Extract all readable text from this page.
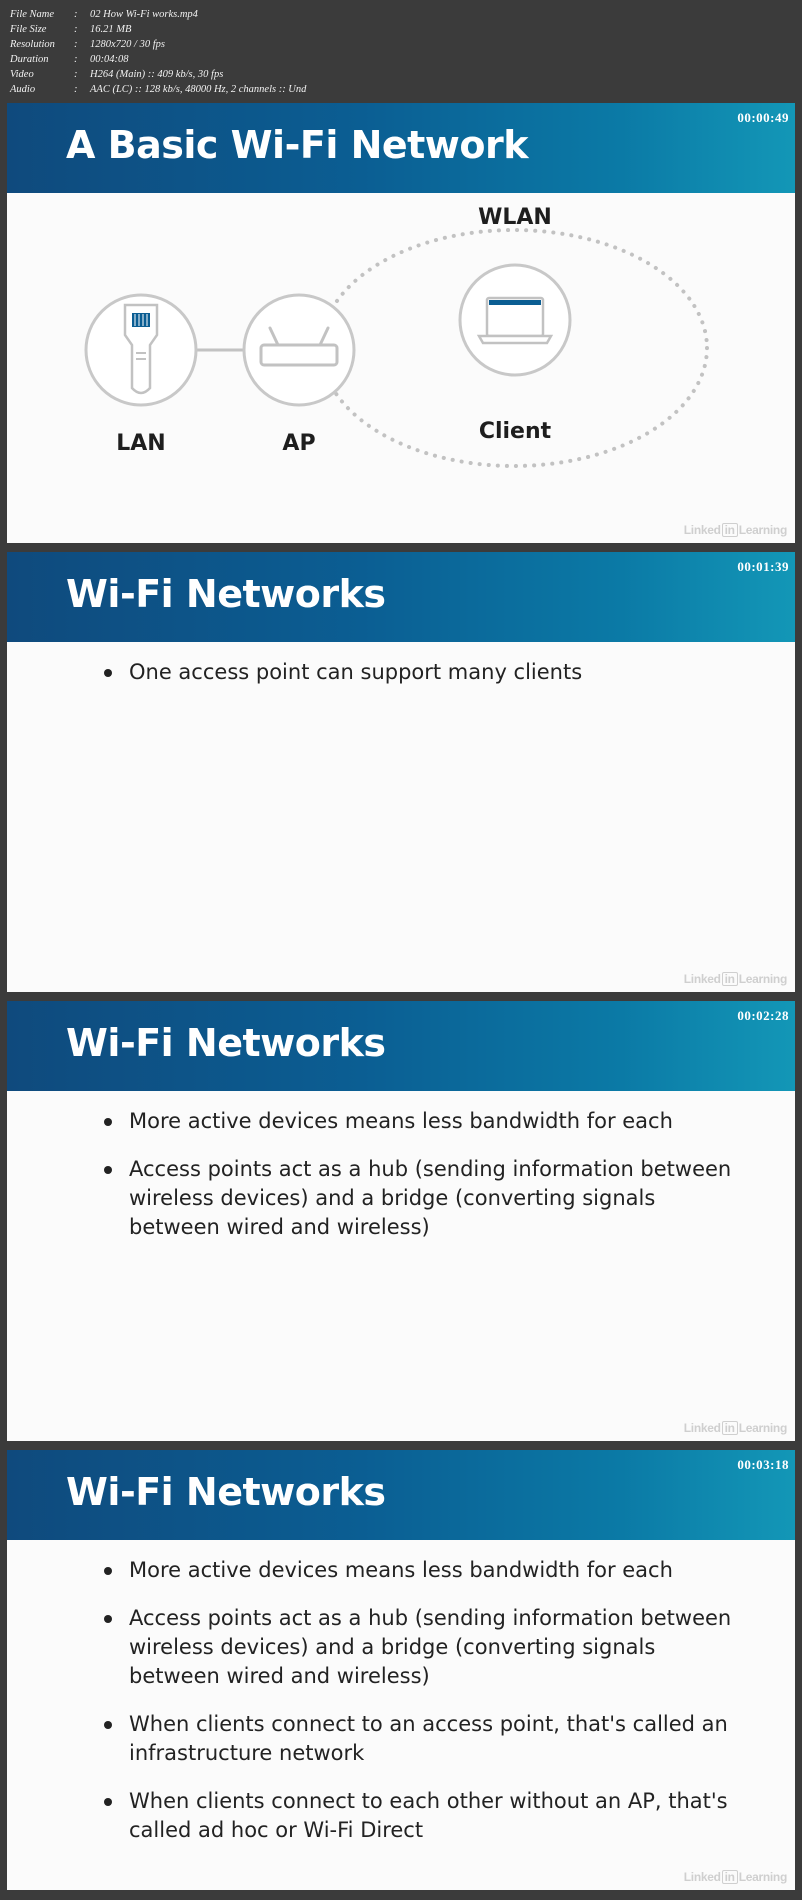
File Name	:	02 How Wi-Fi works.mp4
File Size	:	16.21 MB
Resolution	:	1280x720 / 30 fps
Duration	:	00:04:08
Video	:	H264 (Main) :: 409 kb/s, 30 fps
Audio	:	AAC (LC) :: 128 kb/s, 48000 Hz, 2 channels :: Und
A Basic Wi-Fi Network
00:00:49
WLAN
LAN	AP	Client
Linked in Learning
Wi-Fi Networks
00:01:39
One access point can support many clients
Linked in Learning
Wi-Fi Networks
00:02:28
More active devices means less bandwidth for each
Access points act as a hub (sending information between wireless devices) and a bridge (converting signals between wired and wireless)
Linked in Learning
Wi-Fi Networks
00:03:18
More active devices means less bandwidth for each
Access points act as a hub (sending information between wireless devices) and a bridge (converting signals between wired and wireless)
When clients connect to an access point, that's called an infrastructure network
When clients connect to each other without an AP, that's called ad hoc or Wi-Fi Direct
Linked in Learning
